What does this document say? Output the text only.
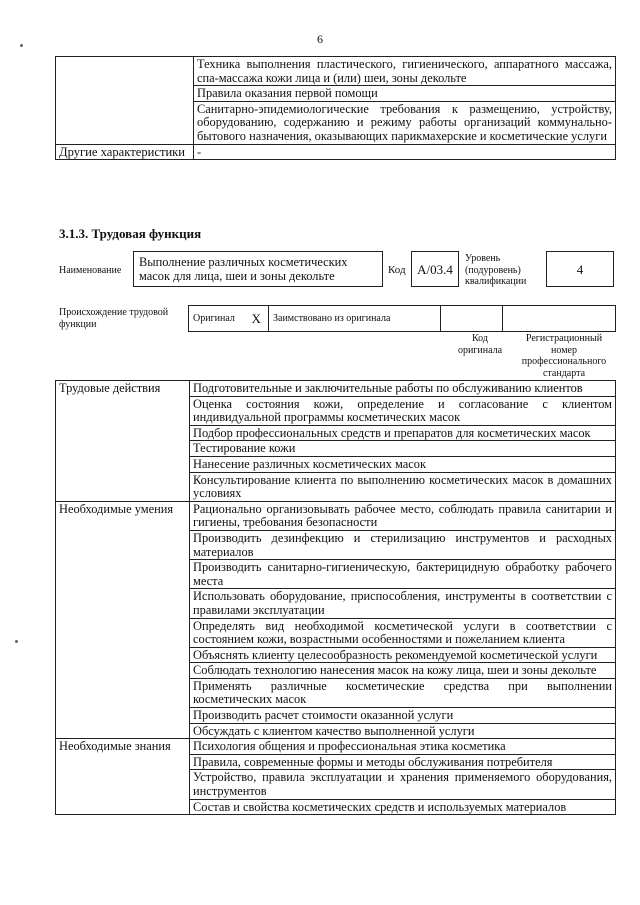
6
	Техника выполнения пластического, гигиенического, аппаратного массажа, спа-массажа кожи лица и (или) шеи, зоны декольте
	Правила оказания первой помощи
	Санитарно-эпидемиологические требования к размещению, устройству, оборудованию, содержанию и режиму работы организаций коммунально-бытового назначения, оказывающих парикмахерские и косметические услуги
Другие характеристики	-
3.1.3. Трудовая функция
Наименование
Выполнение различных косметических масок для лица, шеи и зоны декольте	Код A/03.4
Уровень (подуровень) квалификации
4
Происхождение трудовой функции
Оригинал	X	Заимствовано из оригинала		
Код оригинала
Регистрационный номер профессионального стандарта
Трудовые действия	Подготовительные и заключительные работы по обслуживанию клиентов
	Оценка состояния кожи, определение и согласование с клиентом индивидуальной программы косметических масок
	Подбор профессиональных средств и препаратов для косметических масок
	Тестирование кожи
	Нанесение различных косметических масок
	Консультирование клиента по выполнению косметических масок в домашних условиях
Необходимые умения	Рационально организовывать рабочее место, соблюдать правила санитарии и гигиены, требования безопасности
	Производить дезинфекцию и стерилизацию инструментов и расходных материалов
	Производить санитарно-гигиеническую, бактерицидную обработку рабочего места
	Использовать оборудование, приспособления, инструменты в соответствии с правилами эксплуатации
	Определять вид необходимой косметической услуги в соответствии с состоянием кожи, возрастными особенностями и пожеланием клиента
	Объяснять клиенту целесообразность рекомендуемой косметической услуги
	Соблюдать технологию нанесения масок на кожу лица, шеи и зоны декольте
	Применять различные косметические средства при выполнении косметических масок
	Производить расчет стоимости оказанной услуги
	Обсуждать с клиентом качество выполненной услуги
Необходимые знания	Психология общения и профессиональная этика косметика
	Правила, современные формы и методы обслуживания потребителя
	Устройство, правила эксплуатации и хранения применяемого оборудования, инструментов
	Состав и свойства косметических средств и используемых материалов
